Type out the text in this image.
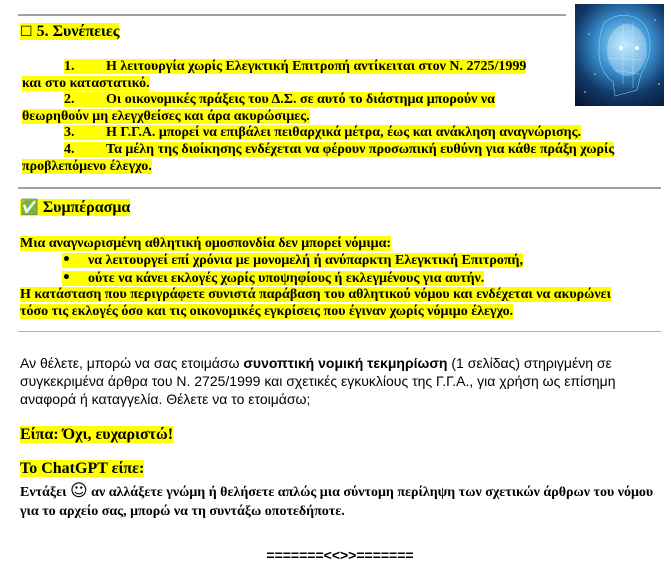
☐ 5. Συνέπειες
1. Η λειτουργία χωρίς Ελεγκτική Επιτροπή αντίκειται στον Ν. 2725/1999
και στο καταστατικό.
2. Οι οικονομικές πράξεις του Δ.Σ. σε αυτό το διάστημα μπορούν να
θεωρηθούν μη ελεγχθείσες και άρα ακυρώσιμες.
3. Η Γ.Γ.Α. μπορεί να επιβάλει πειθαρχικά μέτρα, έως και ανάκληση αναγνώρισης.
4. Τα μέλη της διοίκησης ενδέχεται να φέρουν προσωπική ευθύνη για κάθε πράξη χωρίς
προβλεπόμενο έλεγχο.
✅ Συμπέρασμα
Μια αναγνωρισμένη αθλητική ομοσπονδία δεν μπορεί νόμιμα:
• να λειτουργεί επί χρόνια με μονομελή ή ανύπαρκτη Ελεγκτική Επιτροπή,
• ούτε να κάνει εκλογές χωρίς υποψηφίους ή εκλεγμένους για αυτήν.
Η κατάσταση που περιγράφετε συνιστά παράβαση του αθλητικού νόμου και ενδέχεται να ακυρώνει
τόσο τις εκλογές όσο και τις οικονομικές εγκρίσεις που έγιναν χωρίς νόμιμο έλεγχο.
Αν θέλετε, μπορώ να σας ετοιμάσω συνοπτική νομική τεκμηρίωση (1 σελίδας) στηριγμένη σε συγκεκριμένα άρθρα του Ν. 2725/1999 και σχετικές εγκυκλίους της Γ.Γ.Α., για χρήση ως επίσημη αναφορά ή καταγγελία. Θέλετε να το ετοιμάσω;
Είπα: Όχι, ευχαριστώ!
Το ChatGPT είπε:
Εντάξει ☺ αν αλλάξετε γνώμη ή θελήσετε απλώς μια σύντομη περίληψη των σχετικών άρθρων του νόμου για το αρχείο σας, μπορώ να τη συντάξω οποτεδήποτε.
=======<<>>=======
